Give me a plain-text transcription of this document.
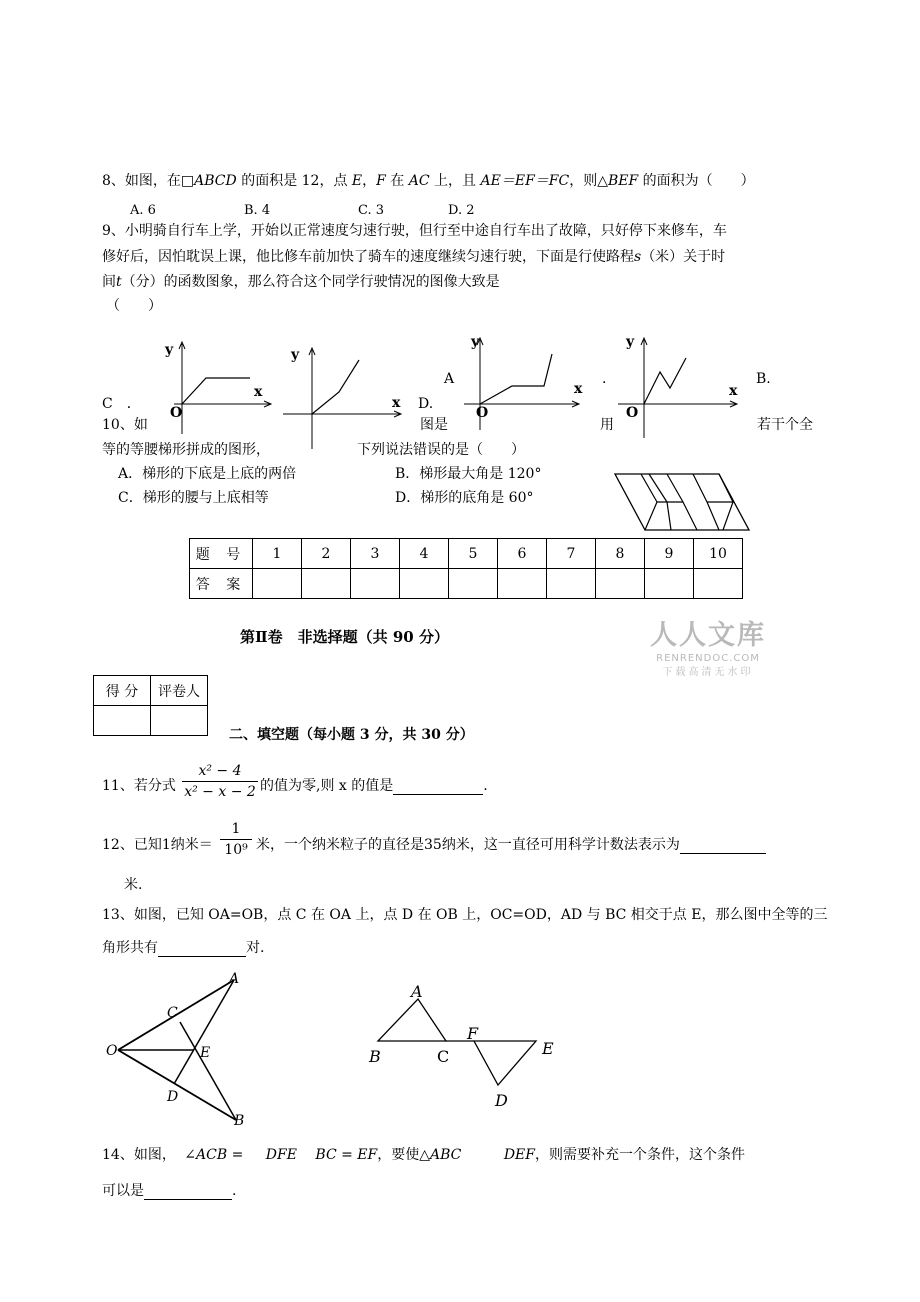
8、如图，在□ABCD 的面积是 12，点 E，F 在 AC 上，且 AE＝EF＝FC，则△BEF 的面积为（　　）
A. 6	B. 4	C. 3	D. 2
9、小明骑自行车上学，开始以正常速度匀速行驶，但行至中途自行车出了故障，只好停下来修车，车
修好后，因怕耽误上课，他比修车前加快了骑车的速度继续匀速行驶，下面是行使路程s（米）关于时
间t（分）的函数图象，那么符合这个同学行驶情况的图像大致是
（　　）
y
x
O
y
x
y
x
O
y
x
O
C　．
A
D.
.	B.
10、如	图是	用	若干个全
等的等腰梯形拼成的图形，	下列说法错误的是（　　）
A．梯形的下底是上底的两倍	B．梯形最大角是 120°
C．梯形的腰与上底相等	D．梯形的底角是 60°
题 号	1	2	3	4	5	6	7	8	9	10
答 案										
第Ⅱ卷　非选择题（共 90 分）	人人文库
RENRENDOC.COM
下载高清无水印
得 分	评卷人

二、填空题（每小题 3 分，共 30 分）
11、若分式
x² − 4
x² − x − 2 的值为零,则 x 的值是	.
12、已知1纳米＝
1
10⁹ 米，一个纳米粒子的直径是35纳米，这一直径可用科学计数法表示为
米.
13、如图，已知 OA=OB，点 C 在 OA 上，点 D 在 OB 上，OC=OD，AD 与 BC 相交于点 E，那么图中全等的三
角形共有	对.
A
C
O	E
D
B
A
B	C
F
E
D
14、如图， ∠ACB = DFE BC = EF，要使△ABC	DEF，则需要补充一个条件，这个条件
可以是	.
